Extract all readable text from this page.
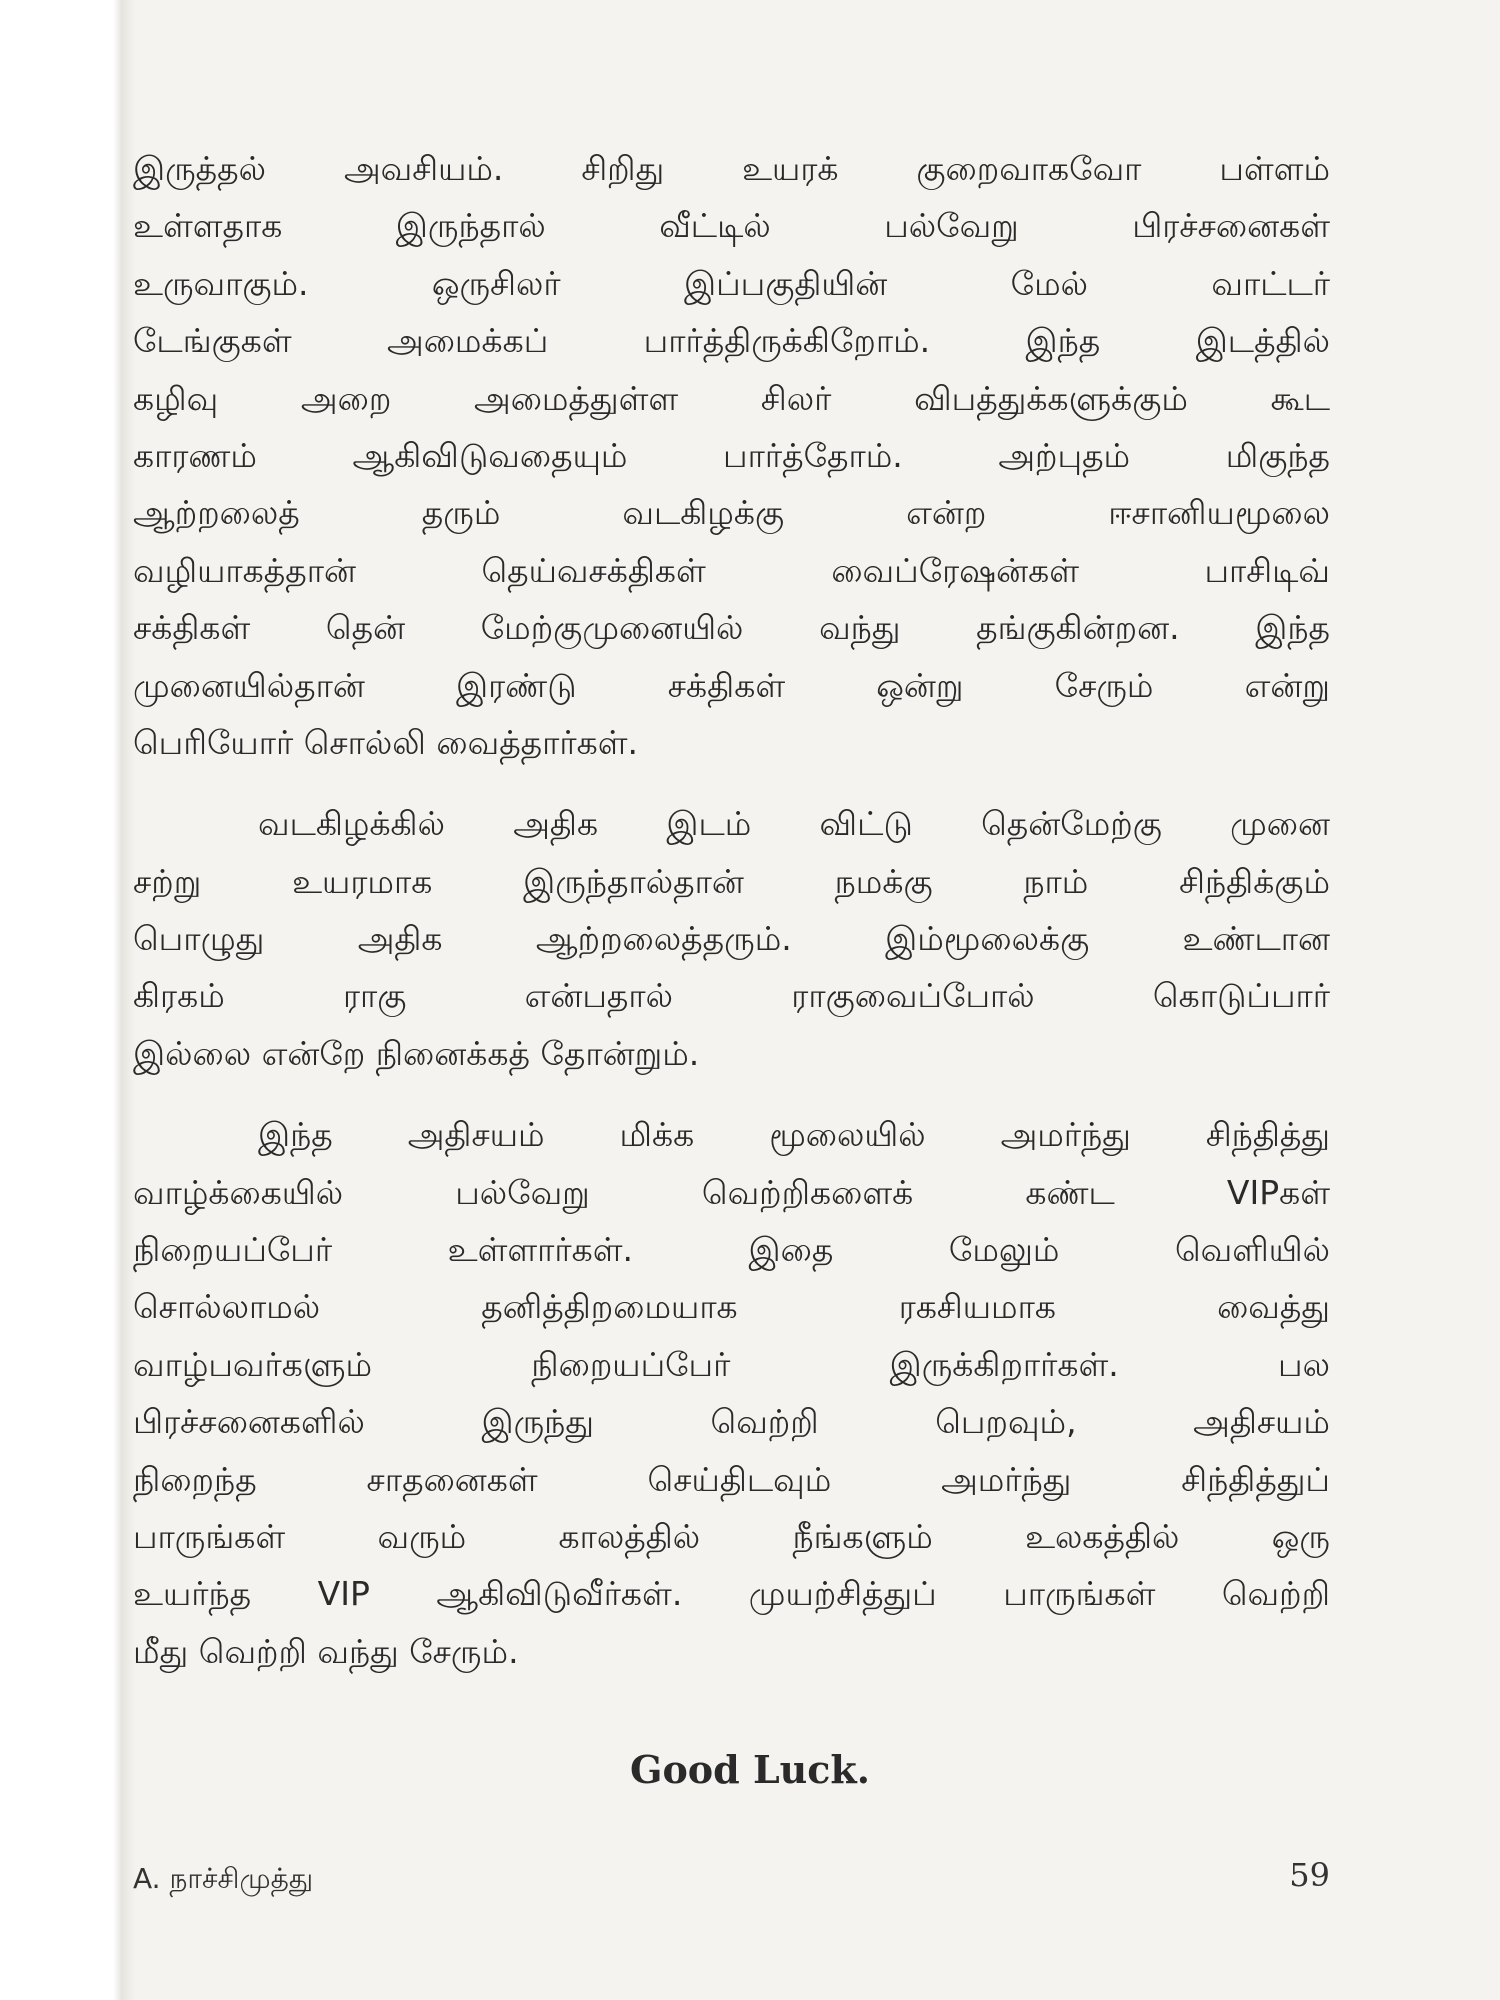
இருத்தல் அவசியம். சிறிது உயரக் குறைவாகவோ பள்ளம்
உள்ளதாக இருந்தால் வீட்டில் பல்வேறு பிரச்சனைகள்
உருவாகும். ஒருசிலர் இப்பகுதியின் மேல் வாட்டர்
டேங்குகள் அமைக்கப் பார்த்திருக்கிறோம். இந்த இடத்தில்
கழிவு அறை அமைத்துள்ள சிலர் விபத்துக்களுக்கும் கூட
காரணம் ஆகிவிடுவதையும் பார்த்தோம். அற்புதம் மிகுந்த
ஆற்றலைத் தரும் வடகிழக்கு என்ற ஈசானியமூலை
வழியாகத்தான் தெய்வசக்திகள் வைப்ரேஷன்கள் பாசிடிவ்
சக்திகள் தென் மேற்குமுனையில் வந்து தங்குகின்றன. இந்த
முனையில்தான் இரண்டு சக்திகள் ஒன்று சேரும் என்று
பெரியோர் சொல்லி வைத்தார்கள்.
வடகிழக்கில் அதிக இடம் விட்டு தென்மேற்கு முனை
சற்று உயரமாக இருந்தால்தான் நமக்கு நாம் சிந்திக்கும்
பொழுது அதிக ஆற்றலைத்தரும். இம்மூலைக்கு உண்டான
கிரகம் ராகு என்பதால் ராகுவைப்போல் கொடுப்பார்
இல்லை என்றே நினைக்கத் தோன்றும்.
இந்த அதிசயம் மிக்க மூலையில் அமர்ந்து சிந்தித்து
வாழ்க்கையில் பல்வேறு வெற்றிகளைக் கண்ட VIPகள்
நிறையப்பேர் உள்ளார்கள். இதை மேலும் வெளியில்
சொல்லாமல் தனித்திறமையாக ரகசியமாக வைத்து
வாழ்பவர்களும் நிறையப்பேர் இருக்கிறார்கள். பல
பிரச்சனைகளில் இருந்து வெற்றி பெறவும், அதிசயம்
நிறைந்த சாதனைகள் செய்திடவும் அமர்ந்து சிந்தித்துப்
பாருங்கள் வரும் காலத்தில் நீங்களும் உலகத்தில் ஒரு
உயர்ந்த VIP ஆகிவிடுவீர்கள். முயற்சித்துப் பாருங்கள் வெற்றி
மீது வெற்றி வந்து சேரும்.
Good Luck.
A. நாச்சிமுத்து	59
